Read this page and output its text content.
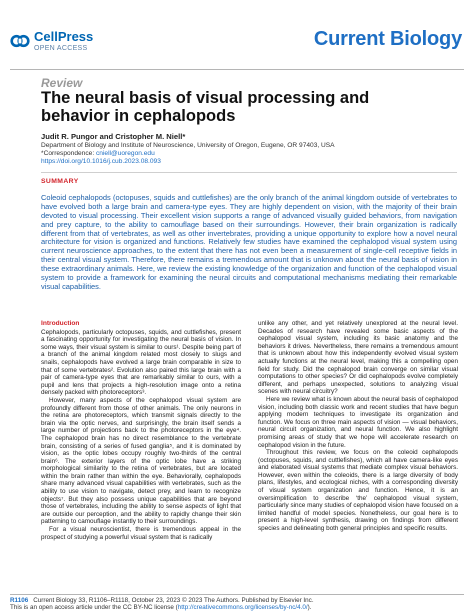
CellPress
OPEN ACCESS	Current Biology
Review
The neural basis of visual processing and behavior in cephalopods
Judit R. Pungor and Cristopher M. Niell*
Department of Biology and Institute of Neuroscience, University of Oregon, Eugene, OR 97403, USA
*Correspondence: cniell@uoregon.edu
https://doi.org/10.1016/j.cub.2023.08.093
SUMMARY
Coleoid cephalopods (octopuses, squids and cuttlefishes) are the only branch of the animal kingdom outside of vertebrates to have evolved both a large brain and camera-type eyes. They are highly dependent on vision, with the majority of their brain devoted to visual processing. Their excellent vision supports a range of advanced visually guided behaviors, from navigation and prey capture, to the ability to camouflage based on their surroundings. However, their brain organization is radically different from that of vertebrates, as well as other invertebrates, providing a unique opportunity to explore how a novel neural architecture for vision is organized and functions. Relatively few studies have examined the cephalopod visual system using current neuroscience approaches, to the extent that there has not even been a measurement of single-cell receptive fields in their central visual system. Therefore, there remains a tremendous amount that is unknown about the neural basis of vision in these extraordinary animals. Here, we review the existing knowledge of the organization and function of the cephalopod visual system to provide a framework for examining the neural circuits and computational mechanisms mediating their remarkable visual capabilities.
Introduction

Cephalopods, particularly octopuses, squids, and cuttlefishes, present a fascinating opportunity for investigating the neural basis of vision. In some ways, their visual system is similar to ours¹. Despite being part of a branch of the animal kingdom related most closely to slugs and snails, cephalopods have evolved a large brain comparable in size to that of some vertebrates². Evolution also paired this large brain with a pair of camera-type eyes that are remarkably similar to ours, with a pupil and lens that projects a high-resolution image onto a retina densely packed with photoreceptors³.

However, many aspects of the cephalopod visual system are profoundly different from those of other animals. The only neurons in the retina are photoreceptors, which transmit signals directly to the brain via the optic nerves, and surprisingly, the brain itself sends a large number of projections back to the photoreceptors in the eye⁴. The cephalopod brain has no direct resemblance to the vertebrate brain, consisting of a series of fused ganglia⁵, and it is dominated by vision, as the optic lobes occupy roughly two-thirds of the central brain⁶. The exterior layers of the optic lobe have a striking morphological similarity to the retina of vertebrates, but are located within the brain rather than within the eye. Behaviorally, cephalopods share many advanced visual capabilities with vertebrates, such as the ability to use vision to navigate, detect prey, and learn to recognize objects⁷. But they also possess unique capabilities that are beyond those of vertebrates, including the ability to sense aspects of light that are outside our perception, and the ability to rapidly change their skin patterning to camouflage instantly to their surroundings.

For a visual neuroscientist, there is tremendous appeal in the prospect of studying a powerful visual system that is radically

unlike any other, and yet relatively unexplored at the neural level. Decades of research have revealed some basic aspects of the cephalopod visual system, including its basic anatomy and the behaviors it drives. Nevertheless, there remains a tremendous amount that is unknown about how this independently evolved visual system actually functions at the neural level, making this a compelling open field for study. Did the cephalopod brain converge on similar visual computations to other species? Or did cephalopods evolve completely different, and perhaps unexpected, solutions to analyzing visual scenes with neural circuitry?

Here we review what is known about the neural basis of cephalopod vision, including both classic work and recent studies that have begun applying modern techniques to investigate its organization and function. We focus on three main aspects of vision — visual behaviors, neural circuit organization, and neural function. We also highlight promising areas of study that we hope will accelerate research on cephalopod vision in the future.

Throughout this review, we focus on the coleoid cephalopods (octopuses, squids, and cuttlefishes), which all have camera-like eyes and elaborated visual systems that mediate complex visual behaviors. However, even within the coleoids, there is a large diversity of body plans, lifestyles, and ecological niches, with a corresponding diversity of visual system organization and function. Hence, it is an oversimplification to describe ‘the’ cephalopod visual system, particularly since many studies of cephalopod vision have focused on a limited handful of model species. Nonetheless, our goal here is to present a high-level synthesis, drawing on findings from different species and delineating both general principles and specific results.

R1106 Current Biology 33, R1106–R1118, October 23, 2023 © 2023 The Authors. Published by Elsevier Inc.
This is an open access article under the CC BY-NC license (http://creativecommons.org/licenses/by-nc/4.0/).
